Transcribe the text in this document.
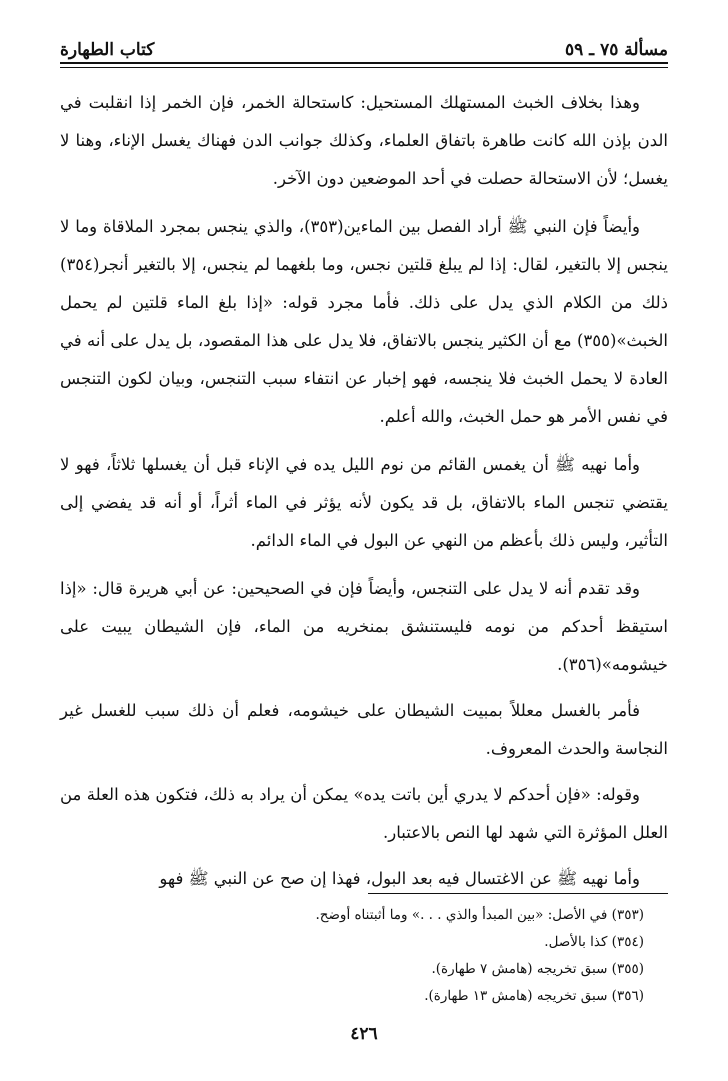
مسألة ٧٥ ـ ٥٩
كتاب الطهارة

وهذا بخلاف الخبث المستهلك المستحيل: كاستحالة الخمر، فإن الخمر إذا انقلبت في الدن بإذن الله كانت طاهرة باتفاق العلماء، وكذلك جوانب الدن فهناك يغسل الإناء، وهنا لا يغسل؛ لأن الاستحالة حصلت في أحد الموضعين دون الآخر.

وأيضاً فإن النبي ﷺ أراد الفصل بين الماءين(٣٥٣)، والذي ينجس بمجرد الملاقاة وما لا ينجس إلا بالتغير، لقال: إذا لم يبلغ قلتين نجس، وما بلغهما لم ينجس، إلا بالتغير أنجر(٣٥٤) ذلك من الكلام الذي يدل على ذلك. فأما مجرد قوله: «إذا بلغ الماء قلتين لم يحمل الخبث»(٣٥٥) مع أن الكثير ينجس بالاتفاق، فلا يدل على هذا المقصود، بل يدل على أنه في العادة لا يحمل الخبث فلا ينجسه، فهو إخبار عن انتفاء سبب التنجس، وبيان لكون التنجس في نفس الأمر هو حمل الخبث، والله أعلم.

وأما نهيه ﷺ أن يغمس القائم من نوم الليل يده في الإناء قبل أن يغسلها ثلاثاً، فهو لا يقتضي تنجس الماء بالاتفاق، بل قد يكون لأنه يؤثر في الماء أثراً، أو أنه قد يفضي إلى التأثير، وليس ذلك بأعظم من النهي عن البول في الماء الدائم.

وقد تقدم أنه لا يدل على التنجس، وأيضاً فإن في الصحيحين: عن أبي هريرة قال: «إذا استيقظ أحدكم من نومه فليستنشق بمنخريه من الماء، فإن الشيطان يبيت على خيشومه»(٣٥٦).

فأمر بالغسل معللاً بمبيت الشيطان على خيشومه، فعلم أن ذلك سبب للغسل غير النجاسة والحدث المعروف.

وقوله: «فإن أحدكم لا يدري أين باتت يده» يمكن أن يراد به ذلك، فتكون هذه العلة من العلل المؤثرة التي شهد لها النص بالاعتبار.

وأما نهيه ﷺ عن الاغتسال فيه بعد البول، فهذا إن صح عن النبي ﷺ فهو

(٣٥٣) في الأصل: «بين المبدأ والذي . . .» وما أثبتناه أوضح.
(٣٥٤) كذا بالأصل.
(٣٥٥) سبق تخريجه (هامش ٧ طهارة).
(٣٥٦) سبق تخريجه (هامش ١٣ طهارة).
٤٢٦
